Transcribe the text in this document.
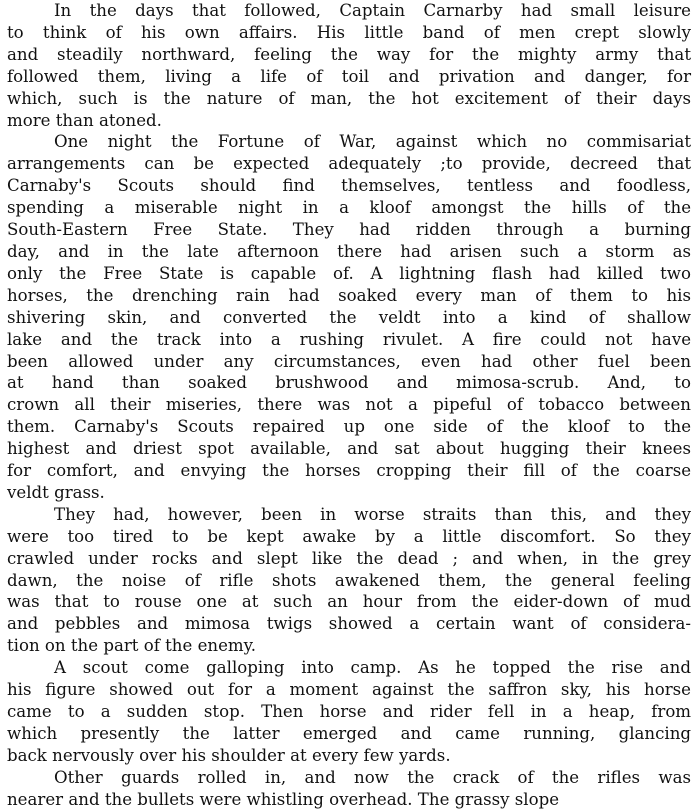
In the days that followed, Captain Carnarby had small leisure
to think of his own affairs. His little band of men crept slowly
and steadily northward, feeling the way for the mighty army that
followed them, living a life of toil and privation and danger, for
which, such is the nature of man, the hot excitement of their days
more than atoned.
One night the Fortune of War, against which no commisariat
arrangements can be expected adequately ;to provide, decreed that
Carnaby's Scouts should find themselves, tentless and foodless,
spending a miserable night in a kloof amongst the hills of the
South-Eastern Free State. They had ridden through a burning
day, and in the late afternoon there had arisen such a storm as
only the Free State is capable of. A lightning flash had killed two
horses, the drenching rain had soaked every man of them to his
shivering skin, and converted the veldt into a kind of shallow
lake and the track into a rushing rivulet. A fire could not have
been allowed under any circumstances, even had other fuel been
at hand than soaked brushwood and mimosa-scrub. And, to
crown all their miseries, there was not a pipeful of tobacco between
them. Carnaby's Scouts repaired up one side of the kloof to the
highest and driest spot available, and sat about hugging their knees
for comfort, and envying the horses cropping their fill of the coarse
veldt grass.
They had, however, been in worse straits than this, and they
were too tired to be kept awake by a little discomfort. So they
crawled under rocks and slept like the dead ; and when, in the grey
dawn, the noise of rifle shots awakened them, the general feeling
was that to rouse one at such an hour from the eider-down of mud
and pebbles and mimosa twigs showed a certain want of considera-
tion on the part of the enemy.
A scout come galloping into camp. As he topped the rise and
his figure showed out for a moment against the saffron sky, his horse
came to a sudden stop. Then horse and rider fell in a heap, from
which presently the latter emerged and came running, glancing
back nervously over his shoulder at every few yards.
Other guards rolled in, and now the crack of the rifles was
nearer and the bullets were whistling overhead. The grassy slope
